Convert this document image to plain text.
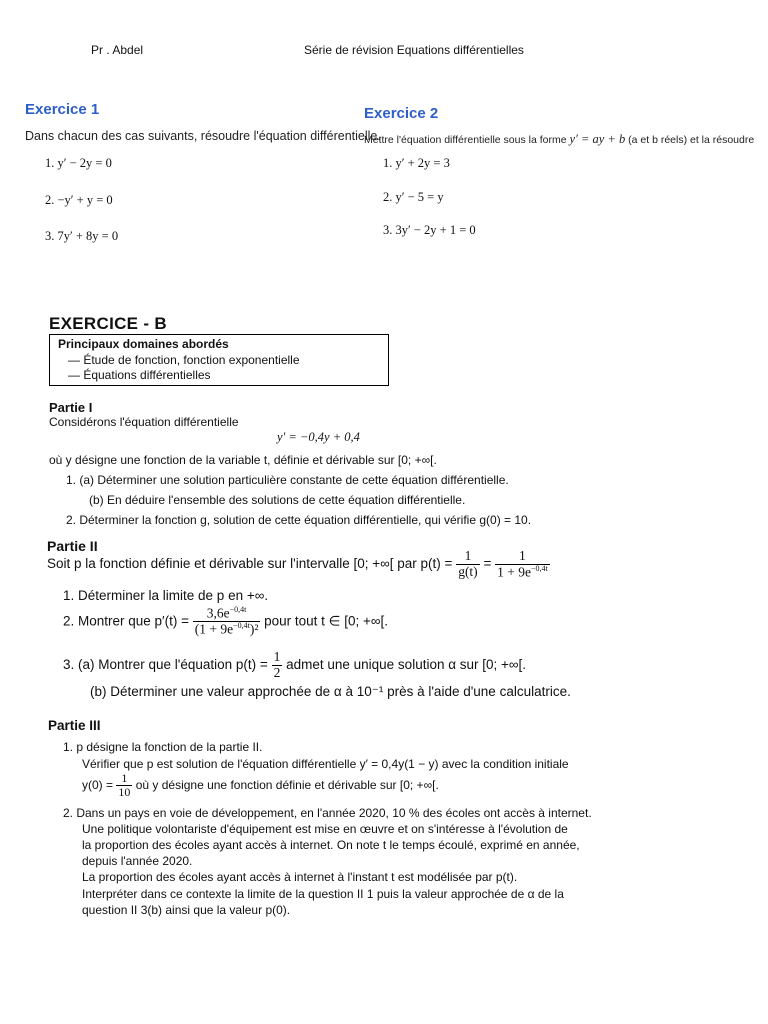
Pr . Abdel	Série de révision Equations différentielles
Exercice 1
Dans chacun des cas suivants, résoudre l'équation différentielle.
1. y′ − 2y = 0
2. −y′ + y = 0
3. 7y′ + 8y = 0
Exercice 2
Mettre l'équation différentielle sous la forme y′ = ay + b (a et b réels) et la résoudre
1. y′ + 2y = 3
2. y′ − 5 = y
3. 3y′ − 2y + 1 = 0
EXERCICE - B
Principaux domaines abordés
— Étude de fonction, fonction exponentielle
— Équations différentielles
Partie I
Considérons l'équation différentielle
y′ = −0,4y + 0,4
où y désigne une fonction de la variable t, définie et dérivable sur [0; +∞[.
1. (a) Déterminer une solution particulière constante de cette équation différentielle.
(b) En déduire l'ensemble des solutions de cette équation différentielle.
2. Déterminer la fonction g, solution de cette équation différentielle, qui vérifie g(0) = 10.
Partie II
Soit p la fonction définie et dérivable sur l'intervalle [0; +∞[ par $p(t) = \frac{1}{g(t)} = \frac{1}{1 + 9e^{-0,4t}}$
1. Déterminer la limite de p en +∞.
2. Montrer que $p'(t) = \frac{3,6e^{-0,4t}}{(1 + 9e^{-0,4t})^2}$ pour tout t ∈ [0; +∞[.
3. (a) Montrer que l'équation $p(t) = \frac{1}{2}$ admet une unique solution α sur [0; +∞[.
(b) Déterminer une valeur approchée de α à 10⁻¹ près à l'aide d'une calculatrice.
Partie III
1. p désigne la fonction de la partie II.
Vérifier que p est solution de l'équation différentielle y′ = 0,4y(1 − y) avec la condition initiale
$y(0) = \frac{1}{10}$ où y désigne une fonction définie et dérivable sur [0; +∞[.
2. Dans un pays en voie de développement, en l'année 2020, 10 % des écoles ont accès à internet.
Une politique volontariste d'équipement est mise en œuvre et on s'intéresse à l'évolution de
la proportion des écoles ayant accès à internet. On note t le temps écoulé, exprimé en année,
depuis l'année 2020.
La proportion des écoles ayant accès à internet à l'instant t est modélisée par p(t).
Interpréter dans ce contexte la limite de la question II 1 puis la valeur approchée de α de la
question II 3(b) ainsi que la valeur p(0).
